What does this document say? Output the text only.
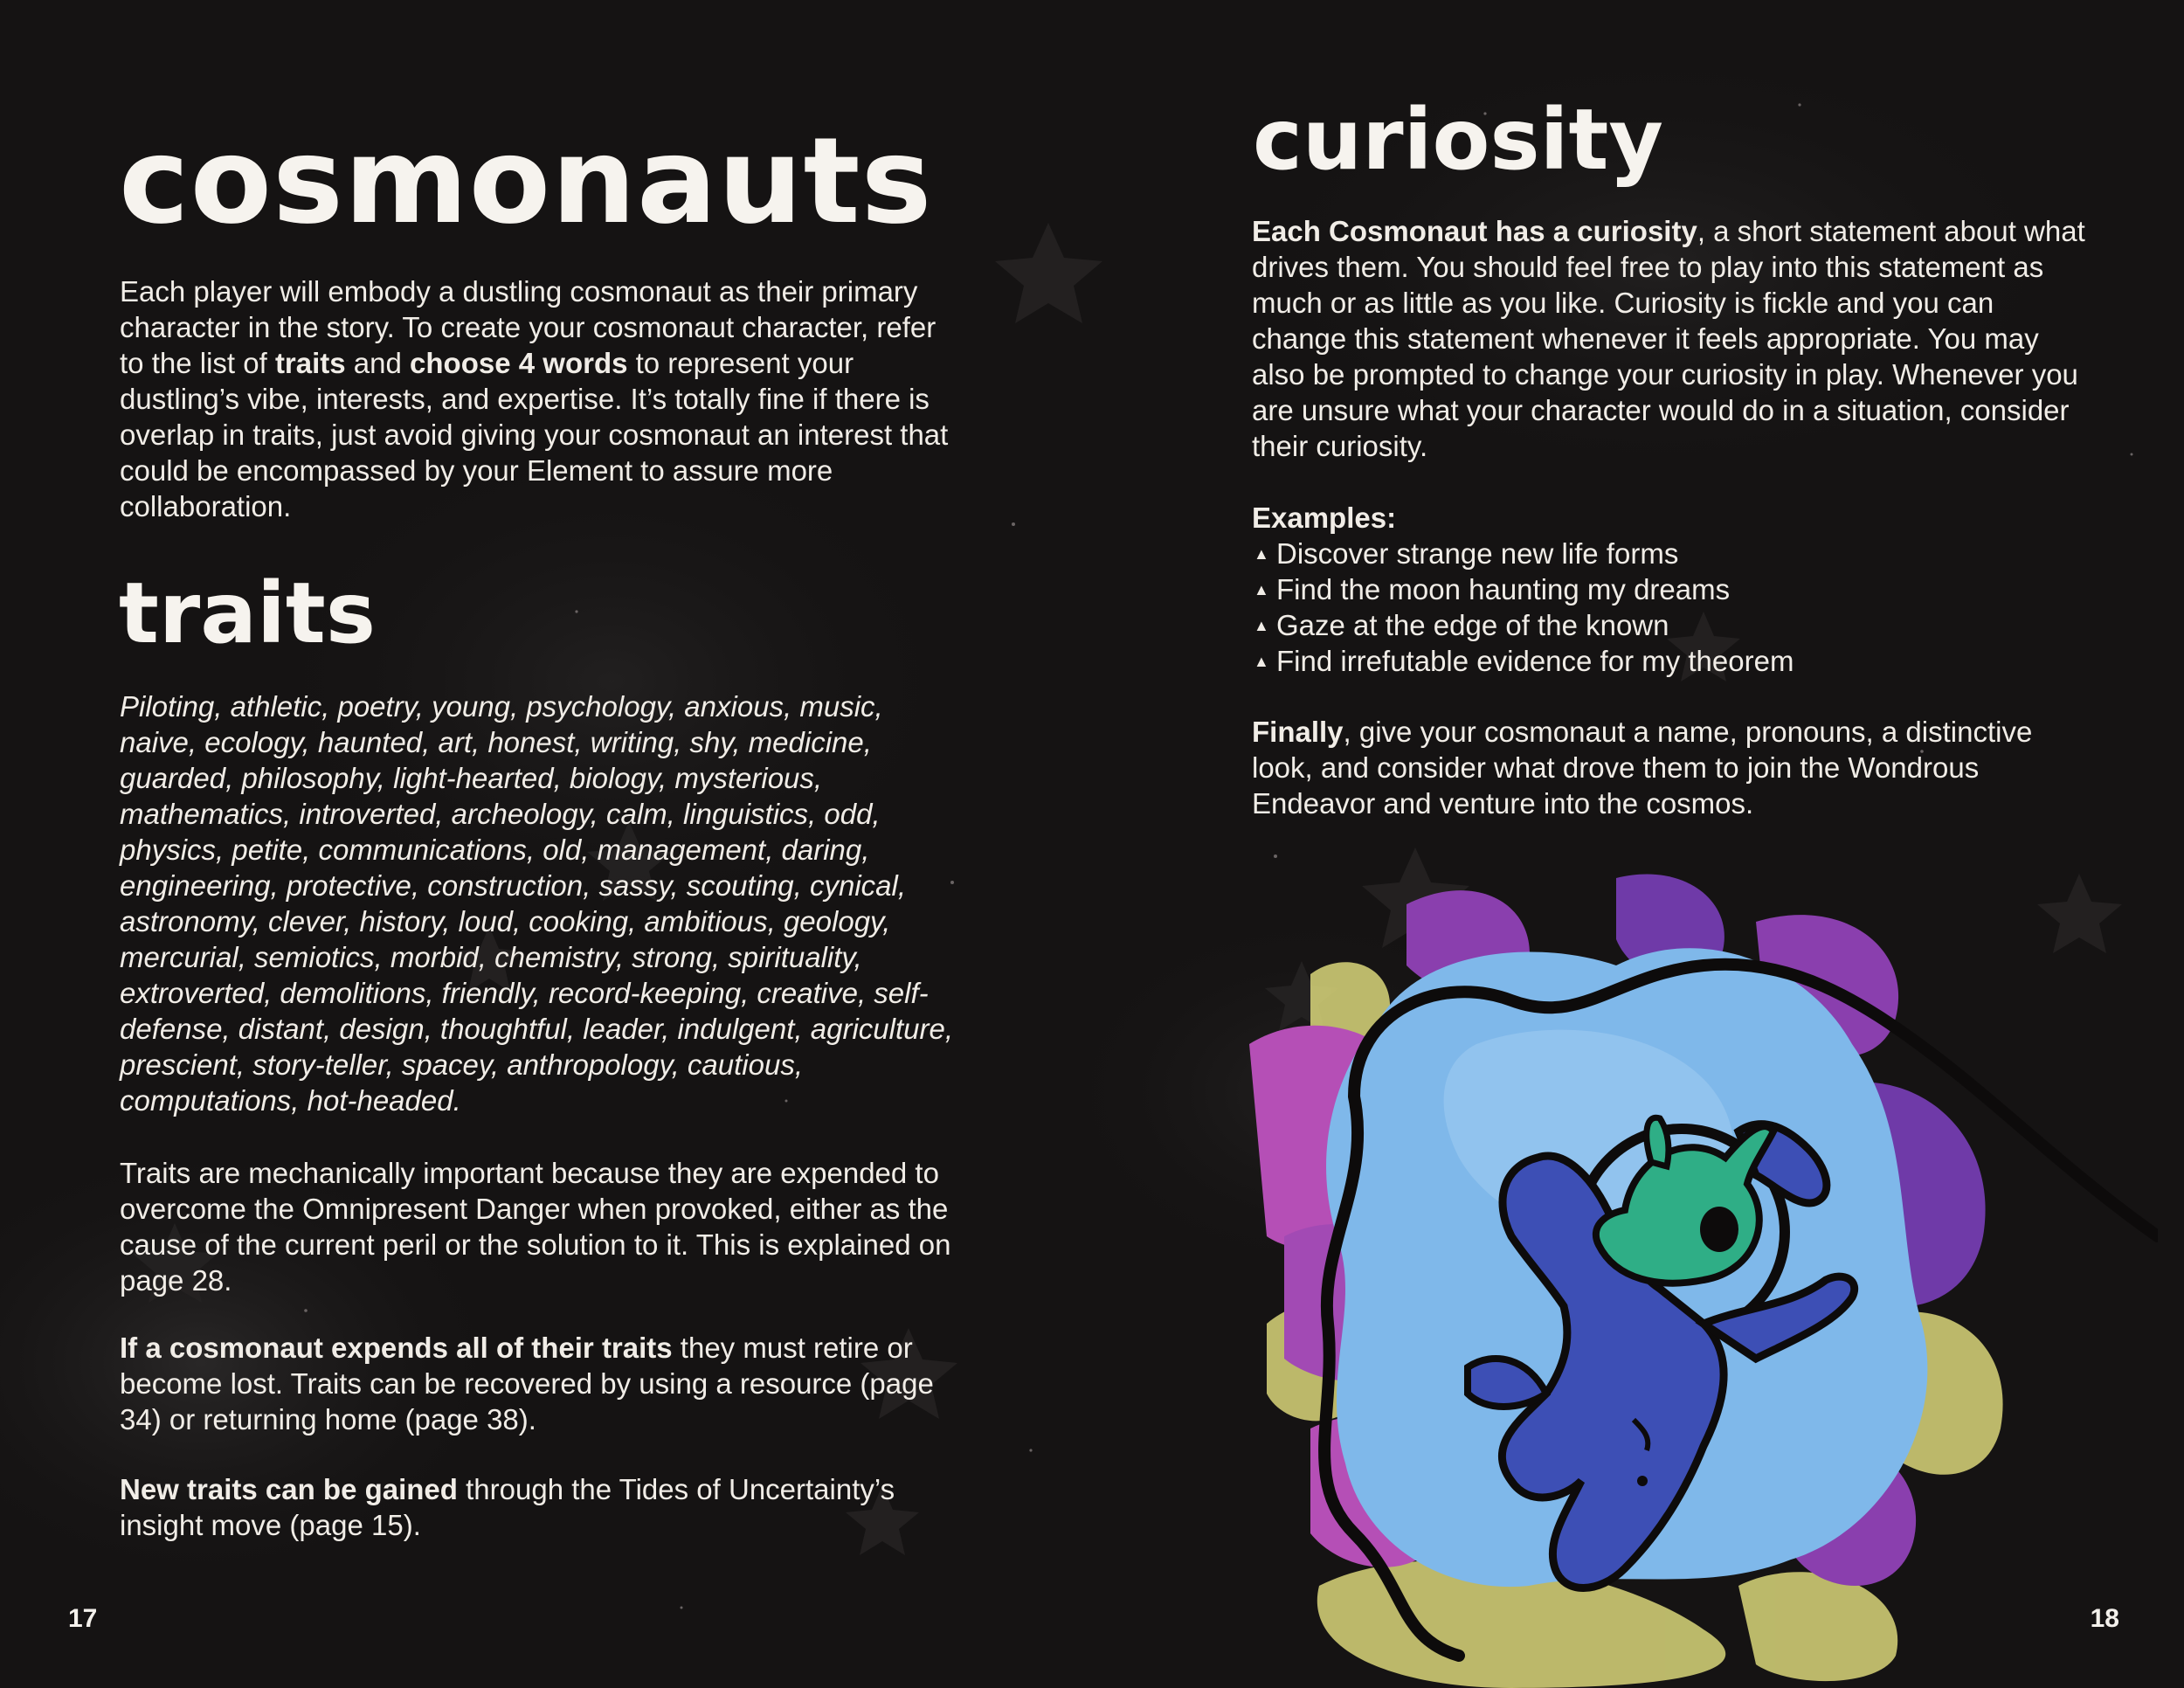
cosmonauts

Each player will embody a dustling cosmonaut as their primary character in the story. To create your cosmonaut character, refer to the list of traits and choose 4 words to represent your dustling’s vibe, interests, and expertise. It’s totally fine if there is overlap in traits, just avoid giving your cosmonaut an interest that could be encompassed by your Element to assure more collaboration.

traits

Piloting, athletic, poetry, young, psychology, anxious, music, naive, ecology, haunted, art, honest, writing, shy, medicine, guarded, philosophy, light-hearted, biology, mysterious, mathematics, introverted, archeology, calm, linguistics, odd, physics, petite, communications, old, management, daring, engineering, protective, construction, sassy, scouting, cynical, astronomy, clever, history, loud, cooking, ambitious, geology, mercurial, semiotics, morbid, chemistry, strong, spirituality, extroverted, demolitions, friendly, record-keeping, creative, self-defense, distant, design, thoughtful, leader, indulgent, agriculture, prescient, story-teller, spacey, anthropology, cautious, computations, hot-headed.

Traits are mechanically important because they are expended to overcome the Omnipresent Danger when provoked, either as the cause of the current peril or the solution to it. This is explained on page 28.

If a cosmonaut expends all of their traits they must retire or become lost. Traits can be recovered by using a resource (page 34) or returning home (page 38).

New traits can be gained through the Tides of Uncertainty’s insight move (page 15).

17

curiosity

Each Cosmonaut has a curiosity, a short statement about what drives them. You should feel free to play into this statement as much or as little as you like. Curiosity is fickle and you can change this statement whenever it feels appropriate. You may also be prompted to change your curiosity in play. Whenever you are unsure what your character would do in a situation, consider their curiosity.

Examples:
▲ Discover strange new life forms
▲ Find the moon haunting my dreams
▲ Gaze at the edge of the known
▲ Find irrefutable evidence for my theorem

Finally, give your cosmonaut a name, pronouns, a distinctive look, and consider what drove them to join the Wondrous Endeavor and venture into the cosmos.

18
